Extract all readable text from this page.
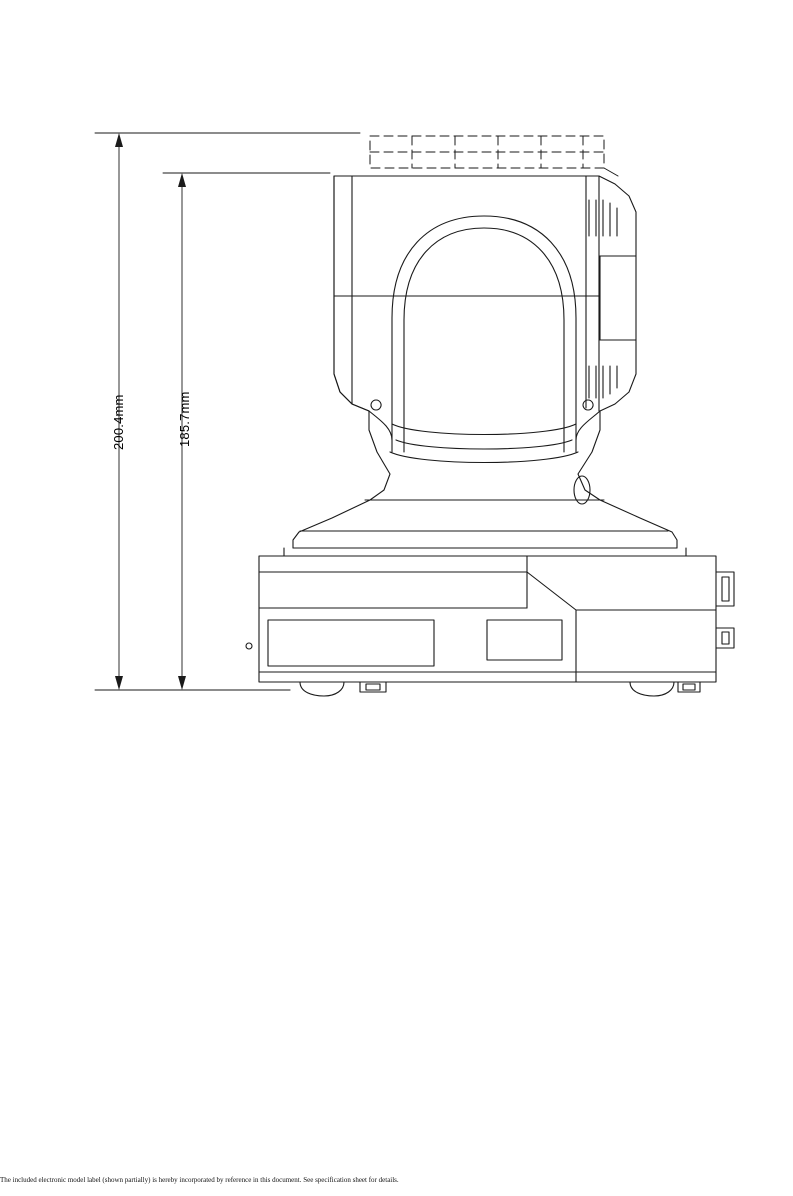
200.4mm	185.7mm
The included electronic model label (shown partially) is hereby incorporated by reference in this document. See specification sheet for details.
